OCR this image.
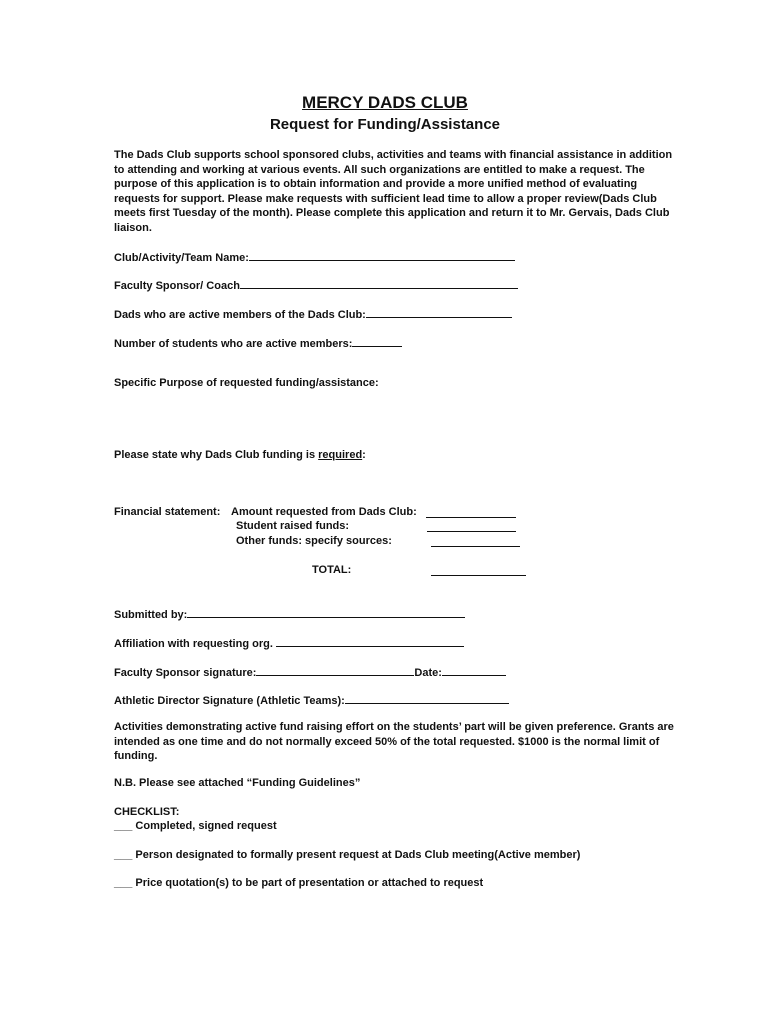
MERCY DADS CLUB
Request for Funding/Assistance

The Dads Club supports school sponsored clubs, activities and teams with financial assistance in addition to attending and working at various events. All such organizations are entitled to make a request. The purpose of this application is to obtain information and provide a more unified method of evaluating requests for support. Please make requests with sufficient lead time to allow a proper review(Dads Club meets first Tuesday of the month). Please complete this application and return it to Mr. Gervais, Dads Club liaison.

Club/Activity/Team Name:
Faculty Sponsor/ Coach
Dads who are active members of the Dads Club:
Number of students who are active members:
Specific Purpose of requested funding/assistance:
Please state why Dads Club funding is required:
Financial statement: Amount requested from Dads Club:
Student raised funds:
Other funds: specify sources:
TOTAL:
Submitted by:
Affiliation with requesting org.
Faculty Sponsor signature:	Date:
Athletic Director Signature (Athletic Teams):

Activities demonstrating active fund raising effort on the students’ part will be given preference. Grants are intended as one time and do not normally exceed 50% of the total requested. $1000 is the normal limit of funding.

N.B. Please see attached “Funding Guidelines”
CHECKLIST:
___ Completed, signed request
___ Person designated to formally present request at Dads Club meeting(Active member)
___ Price quotation(s) to be part of presentation or attached to request
